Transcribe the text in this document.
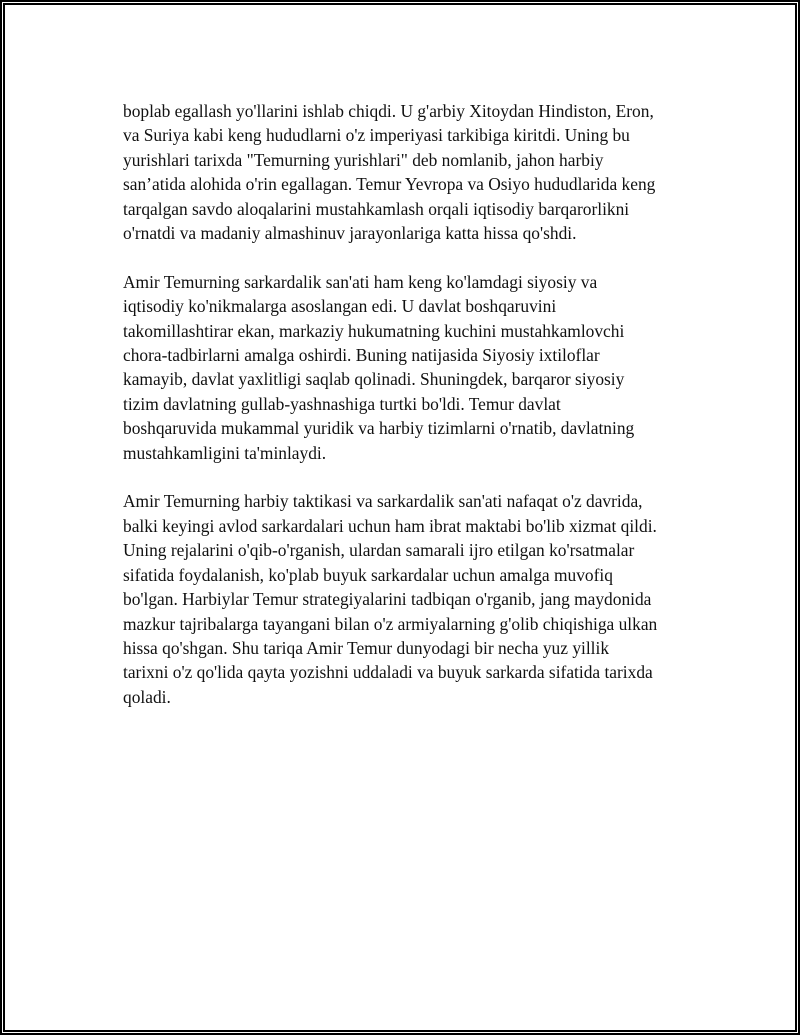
boplab egallash yo'llarini ishlab chiqdi. U g'arbiy Xitoydan Hindiston, Eron,
va Suriya kabi keng hududlarni o'z imperiyasi tarkibiga kiritdi. Uning bu
yurishlari tarixda "Temurning yurishlari" deb nomlanib, jahon harbiy
san’atida alohida o'rin egallagan. Temur Yevropa va Osiyo hududlarida keng
tarqalgan savdo aloqalarini mustahkamlash orqali iqtisodiy barqarorlikni
o'rnatdi va madaniy almashinuv jarayonlariga katta hissa qo'shdi.

Amir Temurning sarkardalik san'ati ham keng ko'lamdagi siyosiy va
iqtisodiy ko'nikmalarga asoslangan edi. U davlat boshqaruvini
takomillashtirar ekan, markaziy hukumatning kuchini mustahkamlovchi
chora-tadbirlarni amalga oshirdi. Buning natijasida Siyosiy ixtiloflar
kamayib, davlat yaxlitligi saqlab qolinadi. Shuningdek, barqaror siyosiy
tizim davlatning gullab-yashnashiga turtki bo'ldi. Temur davlat
boshqaruvida mukammal yuridik va harbiy tizimlarni o'rnatib, davlatning
mustahkamligini ta'minlaydi.

Amir Temurning harbiy taktikasi va sarkardalik san'ati nafaqat o'z davrida,
balki keyingi avlod sarkardalari uchun ham ibrat maktabi bo'lib xizmat qildi.
Uning rejalarini o'qib-o'rganish, ulardan samarali ijro etilgan ko'rsatmalar
sifatida foydalanish, ko'plab buyuk sarkardalar uchun amalga muvofiq
bo'lgan. Harbiylar Temur strategiyalarini tadbiqan o'rganib, jang maydonida
mazkur tajribalarga tayangani bilan o'z armiyalarning g'olib chiqishiga ulkan
hissa qo'shgan. Shu tariqa Amir Temur dunyodagi bir necha yuz yillik
tarixni o'z qo'lida qayta yozishni uddaladi va buyuk sarkarda sifatida tarixda
qoladi.
